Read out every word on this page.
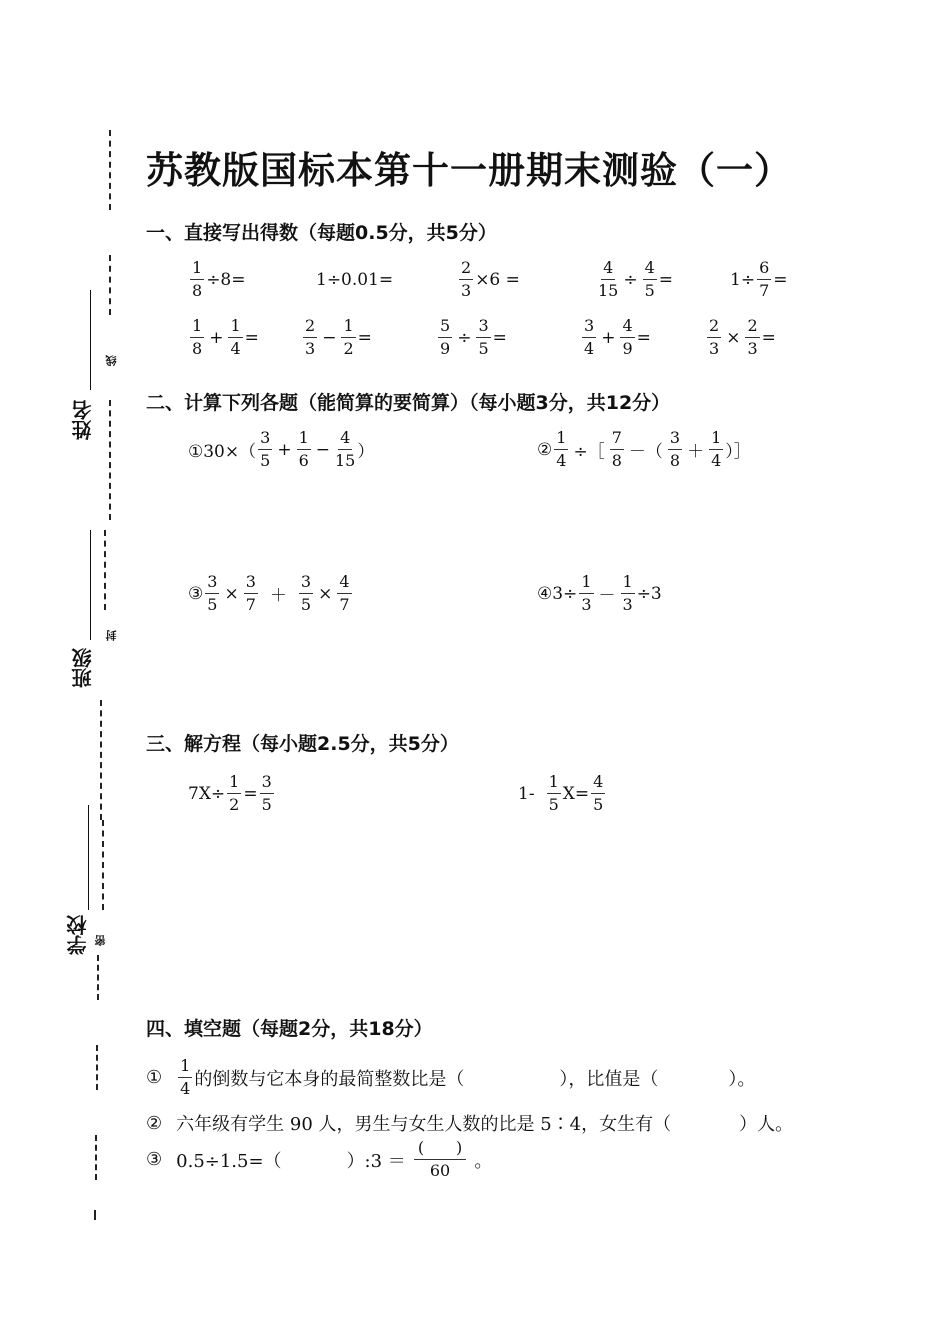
线
姓名
封
班级
学校 密
苏教版国标本第十一册期末测验（一）
一、直接写出得数（每题0.5分，共5分）
$\frac{1}{8} \div 8=$	1÷0.01=	$\frac{2}{3} \times 6$ =	$\frac{4}{15} \div \frac{4}{5}$ =	$1\div \frac{6}{7}$ =
$\frac{1}{8} + \frac{1}{4}$ =	$\frac{2}{3} - \frac{1}{2}$ =	$\frac{5}{9} \div \frac{3}{5}$ =	$\frac{3}{4} + \frac{4}{9}$ =	$\frac{2}{3} \times \frac{2}{3}$ =
二、计算下列各题（能简算的要简算）（每小题3分，共12分）
①30×（ $\frac{3}{5} + \frac{1}{6} - \frac{4}{15}$ ）	② $\frac{1}{4}$ ÷［ $\frac{7}{8}$ －（ $\frac{3}{8} + \frac{1}{4}$ ）］
③ $\frac{3}{5} \times \frac{3}{7} + \frac{3}{5} \times \frac{4}{7}$	④3÷ $\frac{1}{3} - \frac{1}{3} \div 3$
三、解方程（每小题2.5分，共5分）
$7X\div \frac{1}{2} = \frac{3}{5}$	$1- \frac{1}{5} X= \frac{4}{5}$
四、填空题（每题2分，共18分）
① $\frac{1}{4}$ 的倒数与它本身的最简整数比是（	），比值是（	）。
② 六年级有学生 90 人，男生与女生人数的比是 5∶4，女生有（	）人。
③ 0.5÷1.5=（	）:3 ＝ $\frac{( )}{60}$ 。
